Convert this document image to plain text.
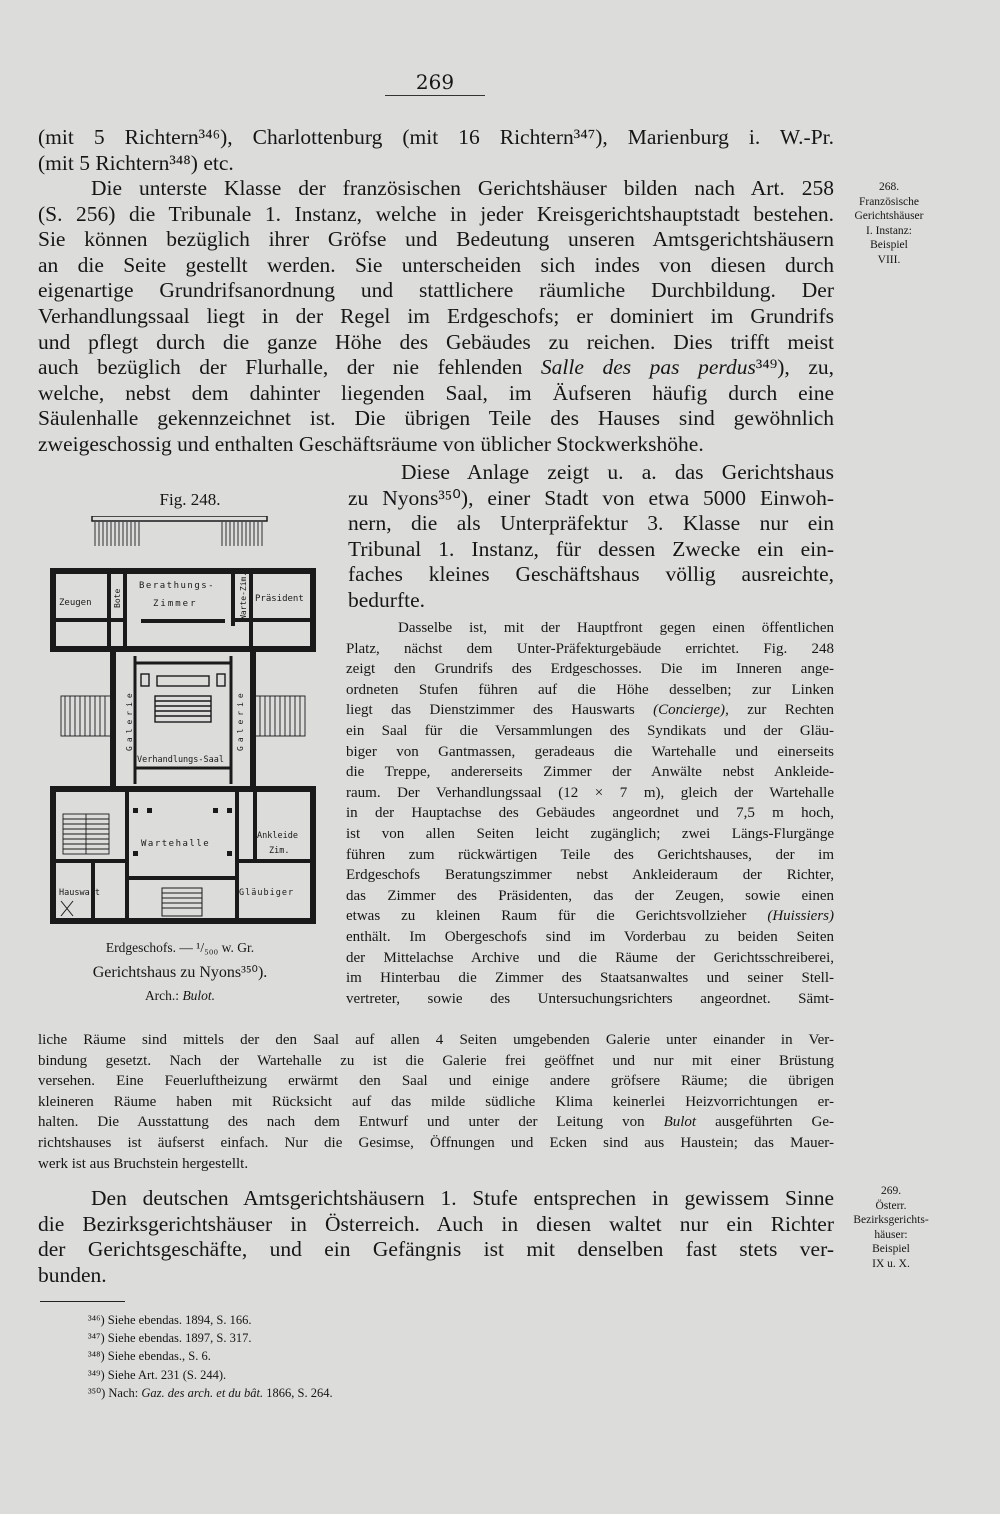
269
(mit 5 Richtern³⁴⁶), Charlottenburg (mit 16 Richtern³⁴⁷), Marienburg i. W.-Pr.
(mit 5 Richtern³⁴⁸) etc.
Die unterste Klasse der französischen Gerichtshäuser bilden nach Art. 258
(S. 256) die Tribunale 1. Instanz, welche in jeder Kreisgerichtshauptstadt bestehen.
Sie können bezüglich ihrer Gröfse und Bedeutung unseren Amtsgerichtshäusern
an die Seite gestellt werden. Sie unterscheiden sich indes von diesen durch
eigenartige Grundrifsanordnung und stattlichere räumliche Durchbildung. Der
Verhandlungssaal liegt in der Regel im Erdgeschofs; er dominiert im Grundrifs
und pflegt durch die ganze Höhe des Gebäudes zu reichen. Dies trifft meist
auch bezüglich der Flurhalle, der nie fehlenden Salle des pas perdus³⁴⁹), zu,
welche, nebst dem dahinter liegenden Saal, im Äufseren häufig durch eine
Säulenhalle gekennzeichnet ist. Die übrigen Teile des Hauses sind gewöhnlich
zweigeschossig und enthalten Geschäftsräume von üblicher Stockwerkshöhe.
268.
Französische
Gerichtshäuser
I. Instanz:
Beispiel
VIII.
Diese Anlage zeigt u. a. das Gerichtshaus
zu Nyons³⁵⁰), einer Stadt von etwa 5000 Einwoh-
nern, die als Unterpräfektur 3. Klasse nur ein
Tribunal 1. Instanz, für dessen Zwecke ein ein-
faches kleines Geschäftshaus völlig ausreichte,
bedurfte.
Dasselbe ist, mit der Hauptfront gegen einen öffentlichen
Platz, nächst dem Unter-Präfekturgebäude errichtet. Fig. 248
zeigt den Grundrifs des Erdgeschosses. Die im Inneren ange-
ordneten Stufen führen auf die Höhe desselben; zur Linken
liegt das Dienstzimmer des Hauswarts (Concierge), zur Rechten
ein Saal für die Versammlungen des Syndikats und der Gläu-
biger von Gantmassen, geradeaus die Wartehalle und einerseits
die Treppe, andererseits Zimmer der Anwälte nebst Ankleide-
raum. Der Verhandlungssaal (12 × 7 m), gleich der Wartehalle
in der Hauptachse des Gebäudes angeordnet und 7,5 m hoch,
ist von allen Seiten leicht zugänglich; zwei Längs-Flurgänge
führen zum rückwärtigen Teile des Gerichtshauses, der im
Erdgeschofs Beratungszimmer nebst Ankleideraum der Richter,
das Zimmer des Präsidenten, das der Zeugen, sowie einen
etwas zu kleinen Raum für die Gerichtsvollzieher (Huissiers)
enthält. Im Obergeschofs sind im Vorderbau zu beiden Seiten
der Mittelachse Archive und die Räume der Gerichtsschreiberei,
im Hinterbau die Zimmer des Staatsanwaltes und seiner Stell-
vertreter, sowie des Untersuchungsrichters angeordnet. Sämt-
liche Räume sind mittels der den Saal auf allen 4 Seiten umgebenden Galerie unter einander in Ver-
bindung gesetzt. Nach der Wartehalle zu ist die Galerie frei geöffnet und nur mit einer Brüstung
versehen. Eine Feuerluftheizung erwärmt den Saal und einige andere gröfsere Räume; die übrigen
kleineren Räume haben mit Rücksicht auf das milde südliche Klima keinerlei Heizvorrichtungen er-
halten. Die Ausstattung des nach dem Entwurf und unter der Leitung von Bulot ausgeführten Ge-
richtshauses ist äufserst einfach. Nur die Gesimse, Öffnungen und Ecken sind aus Haustein; das Mauer-
werk ist aus Bruchstein hergestellt.
Fig. 248.
Zeugen	Bote
Berathungs-
Zimmer	Warte-Zim. Präsident
Galerie	Galerie
Verhandlungs-Saal
Wartehalle
Ankleide
Zim.
Hauswart	Gläubiger
Erdgeschofs. — ¹/₅₀₀ w. Gr.
Gerichtshaus zu Nyons³⁵⁰).
Arch.: Bulot.
Den deutschen Amtsgerichtshäusern 1. Stufe entsprechen in gewissem Sinne
die Bezirksgerichtshäuser in Österreich. Auch in diesen waltet nur ein Richter
der Gerichtsgeschäfte, und ein Gefängnis ist mit denselben fast stets ver-
bunden.
269.
Österr.
Bezirksgerichts-
häuser:
Beispiel
IX u. X.
³⁴⁶) Siehe ebendas. 1894, S. 166.
³⁴⁷) Siehe ebendas. 1897, S. 317.
³⁴⁸) Siehe ebendas., S. 6.
³⁴⁹) Siehe Art. 231 (S. 244).
³⁵⁰) Nach: Gaz. des arch. et du bât. 1866, S. 264.
